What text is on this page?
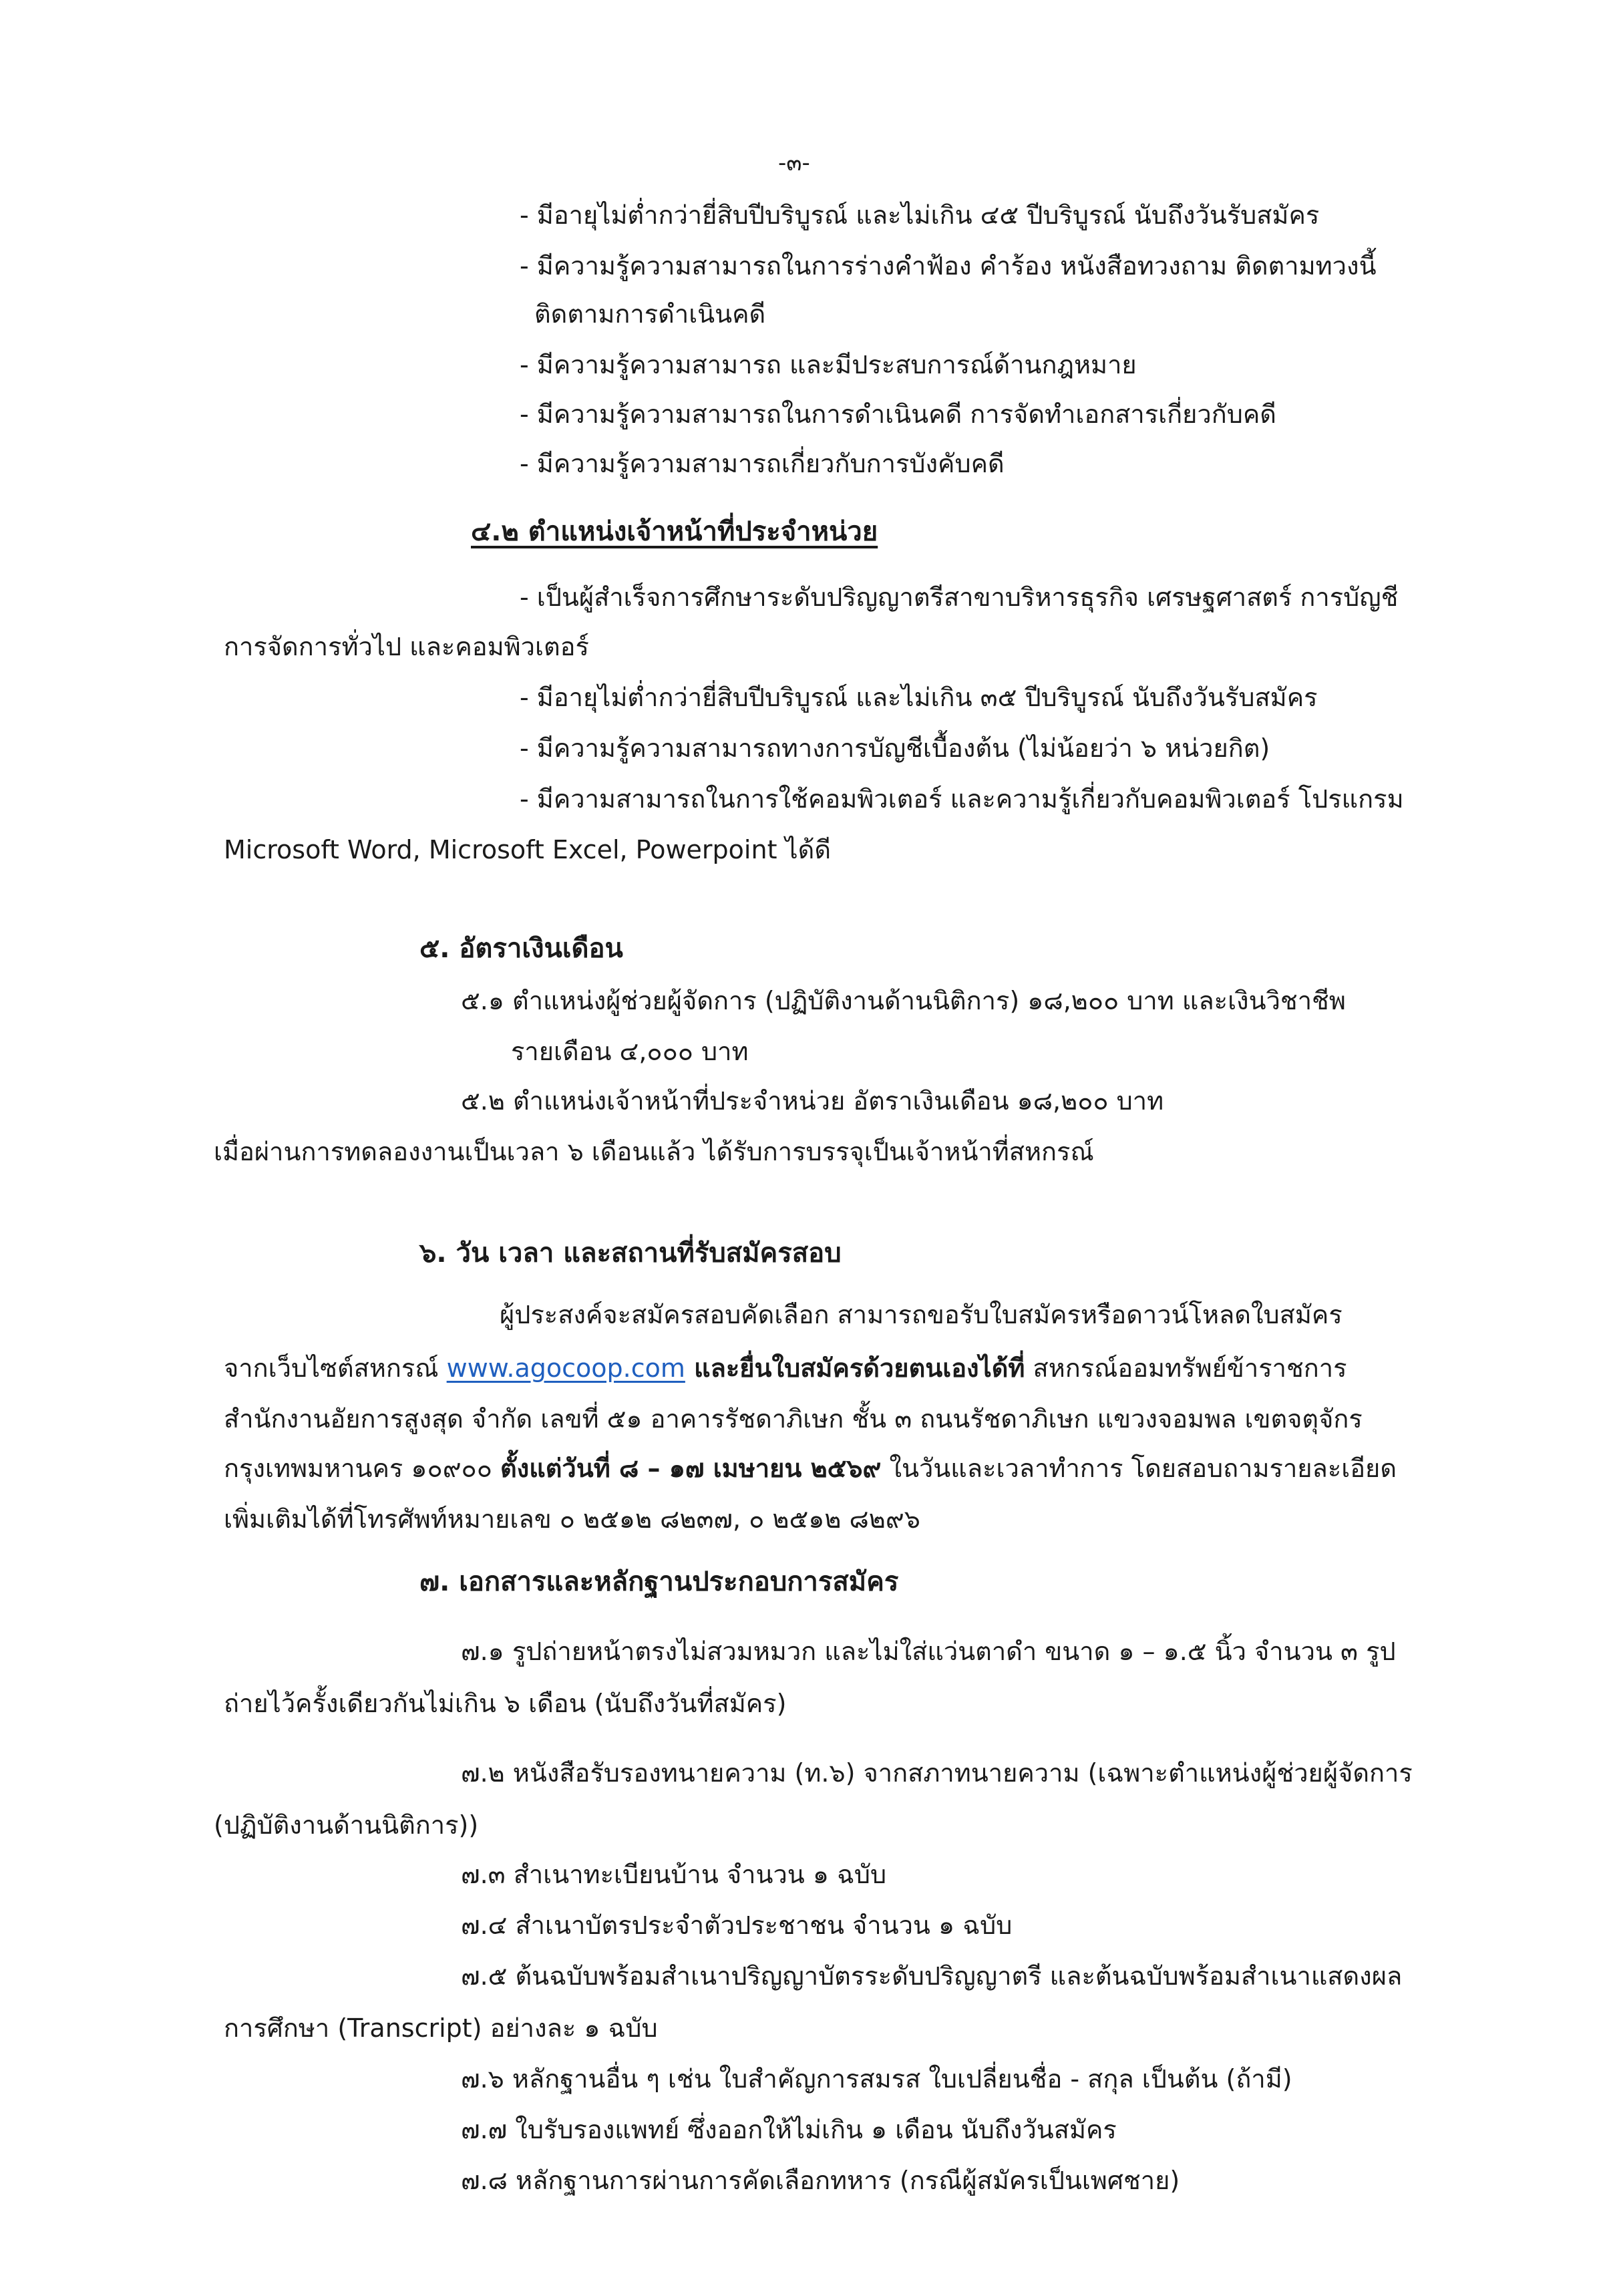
-๓-
- มีอายุไม่ต่ำกว่ายี่สิบปีบริบูรณ์ และไม่เกิน ๔๕ ปีบริบูรณ์ นับถึงวันรับสมัคร
- มีความรู้ความสามารถในการร่างคำฟ้อง คำร้อง หนังสือทวงถาม ติดตามทวงนี้
ติดตามการดำเนินคดี
- มีความรู้ความสามารถ และมีประสบการณ์ด้านกฎหมาย
- มีความรู้ความสามารถในการดำเนินคดี การจัดทำเอกสารเกี่ยวกับคดี
- มีความรู้ความสามารถเกี่ยวกับการบังคับคดี
๔.๒ ตำแหน่งเจ้าหน้าที่ประจำหน่วย
- เป็นผู้สำเร็จการศึกษาระดับปริญญาตรีสาขาบริหารธุรกิจ เศรษฐศาสตร์ การบัญชี
การจัดการทั่วไป และคอมพิวเตอร์
- มีอายุไม่ต่ำกว่ายี่สิบปีบริบูรณ์ และไม่เกิน ๓๕ ปีบริบูรณ์ นับถึงวันรับสมัคร
- มีความรู้ความสามารถทางการบัญชีเบื้องต้น (ไม่น้อยว่า ๖ หน่วยกิต)
- มีความสามารถในการใช้คอมพิวเตอร์ และความรู้เกี่ยวกับคอมพิวเตอร์ โปรแกรม
Microsoft Word, Microsoft Excel, Powerpoint ได้ดี
๕. อัตราเงินเดือน
๕.๑ ตำแหน่งผู้ช่วยผู้จัดการ (ปฏิบัติงานด้านนิติการ) ๑๘,๒๐๐ บาท และเงินวิชาชีพ
รายเดือน ๔,๐๐๐ บาท
๕.๒ ตำแหน่งเจ้าหน้าที่ประจำหน่วย อัตราเงินเดือน ๑๘,๒๐๐ บาท
เมื่อผ่านการทดลองงานเป็นเวลา ๖ เดือนแล้ว ได้รับการบรรจุเป็นเจ้าหน้าที่สหกรณ์
๖. วัน เวลา และสถานที่รับสมัครสอบ
ผู้ประสงค์จะสมัครสอบคัดเลือก สามารถขอรับใบสมัครหรือดาวน์โหลดใบสมัคร
จากเว็บไซต์สหกรณ์ www.agocoop.com และยื่นใบสมัครด้วยตนเองได้ที่ สหกรณ์ออมทรัพย์ข้าราชการ
สำนักงานอัยการสูงสุด จำกัด เลขที่ ๕๑ อาคารรัชดาภิเษก ชั้น ๓ ถนนรัชดาภิเษก แขวงจอมพล เขตจตุจักร
กรุงเทพมหานคร ๑๐๙๐๐ ตั้งแต่วันที่ ๘ – ๑๗ เมษายน ๒๕๖๙ ในวันและเวลาทำการ โดยสอบถามรายละเอียด
เพิ่มเติมได้ที่โทรศัพท์หมายเลข ๐ ๒๕๑๒ ๘๒๓๗, ๐ ๒๕๑๒ ๘๒๙๖
๗. เอกสารและหลักฐานประกอบการสมัคร
๗.๑ รูปถ่ายหน้าตรงไม่สวมหมวก และไม่ใส่แว่นตาดำ ขนาด ๑ – ๑.๕ นิ้ว จำนวน ๓ รูป
ถ่ายไว้ครั้งเดียวกันไม่เกิน ๖ เดือน (นับถึงวันที่สมัคร)
๗.๒ หนังสือรับรองทนายความ (ท.๖) จากสภาทนายความ (เฉพาะตำแหน่งผู้ช่วยผู้จัดการ
(ปฏิบัติงานด้านนิติการ))
๗.๓ สำเนาทะเบียนบ้าน จำนวน ๑ ฉบับ
๗.๔ สำเนาบัตรประจำตัวประชาชน จำนวน ๑ ฉบับ
๗.๕ ต้นฉบับพร้อมสำเนาปริญญาบัตรระดับปริญญาตรี และต้นฉบับพร้อมสำเนาแสดงผล
การศึกษา (Transcript) อย่างละ ๑ ฉบับ
๗.๖ หลักฐานอื่น ๆ เช่น ใบสำคัญการสมรส ใบเปลี่ยนชื่อ - สกุล เป็นต้น (ถ้ามี)
๗.๗ ใบรับรองแพทย์ ซึ่งออกให้ไม่เกิน ๑ เดือน นับถึงวันสมัคร
๗.๘ หลักฐานการผ่านการคัดเลือกทหาร (กรณีผู้สมัครเป็นเพศชาย)
